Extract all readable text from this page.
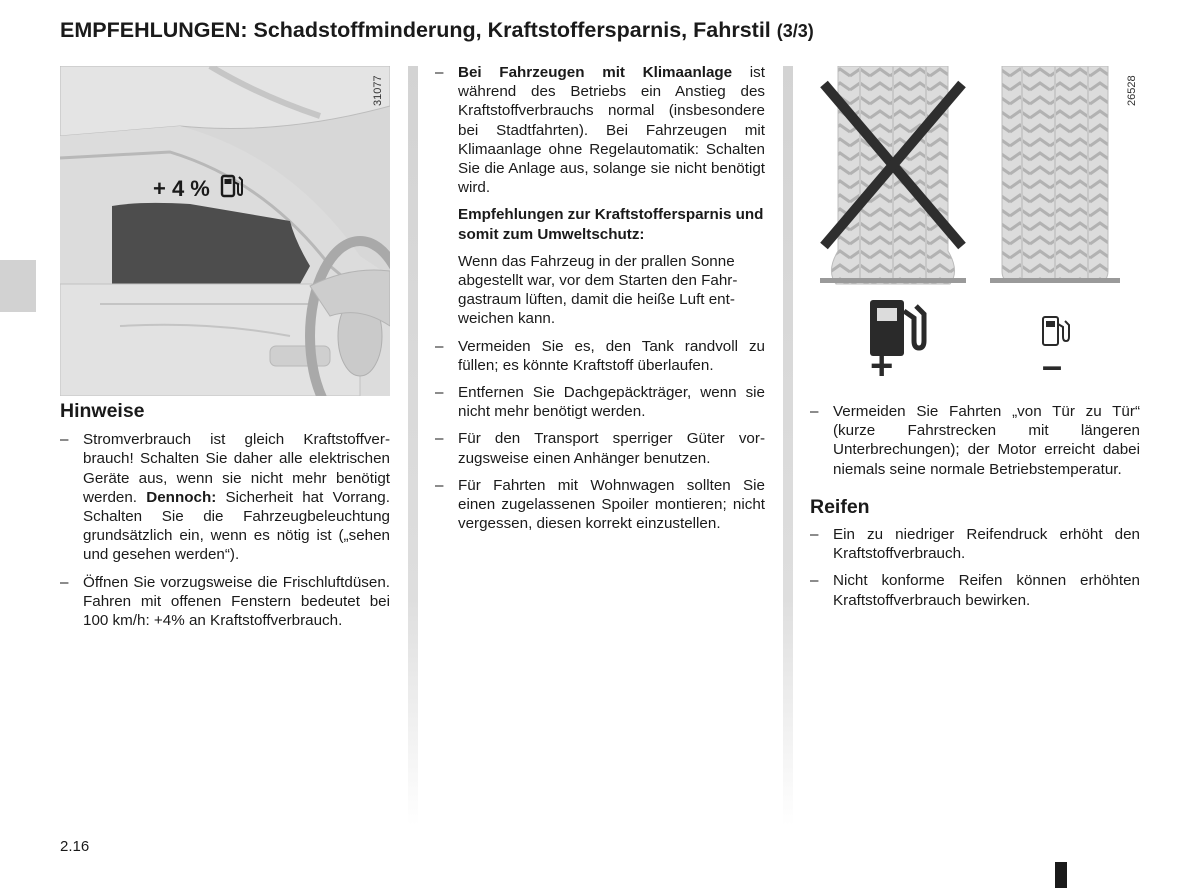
EMPFEHLUNGEN: Schadstoffminderung, Kraftstoffersparnis, Fahrstil (3/3)
+ 4 %
31077
Hinweise
– Stromverbrauch ist gleich Kraftstoffverbrauch! Schalten Sie daher alle elektrischen Geräte aus, wenn sie nicht mehr benötigt werden. Dennoch: Sicherheit hat Vorrang. Schalten Sie die Fahrzeugbeleuchtung grundsätzlich ein, wenn es nötig ist („sehen und gesehen werden“).
– Öffnen Sie vorzugsweise die Frischluftdüsen. Fahren mit offenen Fenstern bedeutet bei 100 km/h: +4% an Kraftstoffverbrauch.
– Bei Fahrzeugen mit Klimaanlage ist während des Betriebs ein Anstieg des Kraftstoffverbrauchs normal (insbesondere bei Stadtfahrten). Bei Fahrzeugen mit Klimaanlage ohne Regelautomatik: Schalten Sie die Anlage aus, solange sie nicht benötigt wird.

Empfehlungen zur Kraftstoffersparnis und somit zum Umweltschutz:

Wenn das Fahrzeug in der prallen Sonne abgestellt war, vor dem Starten den Fahrgastraum lüften, damit die heiße Luft entweichen kann.

– Vermeiden Sie es, den Tank randvoll zu füllen; es könnte Kraftstoff überlaufen.
– Entfernen Sie Dachgepäckträger, wenn sie nicht mehr benötigt werden.
– Für den Transport sperriger Güter vorzugsweise einen Anhänger benutzen.
– Für Fahrten mit Wohnwagen sollten Sie einen zugelassenen Spoiler montieren; nicht vergessen, diesen korrekt einzustellen.
+	–
26528
– Vermeiden Sie Fahrten „von Tür zu Tür“ (kurze Fahrstrecken mit längeren Unterbrechungen); der Motor erreicht dabei niemals seine normale Betriebstemperatur.
Reifen
– Ein zu niedriger Reifendruck erhöht den Kraftstoffverbrauch.
– Nicht konforme Reifen können erhöhten Kraftstoffverbrauch bewirken.
2.16
